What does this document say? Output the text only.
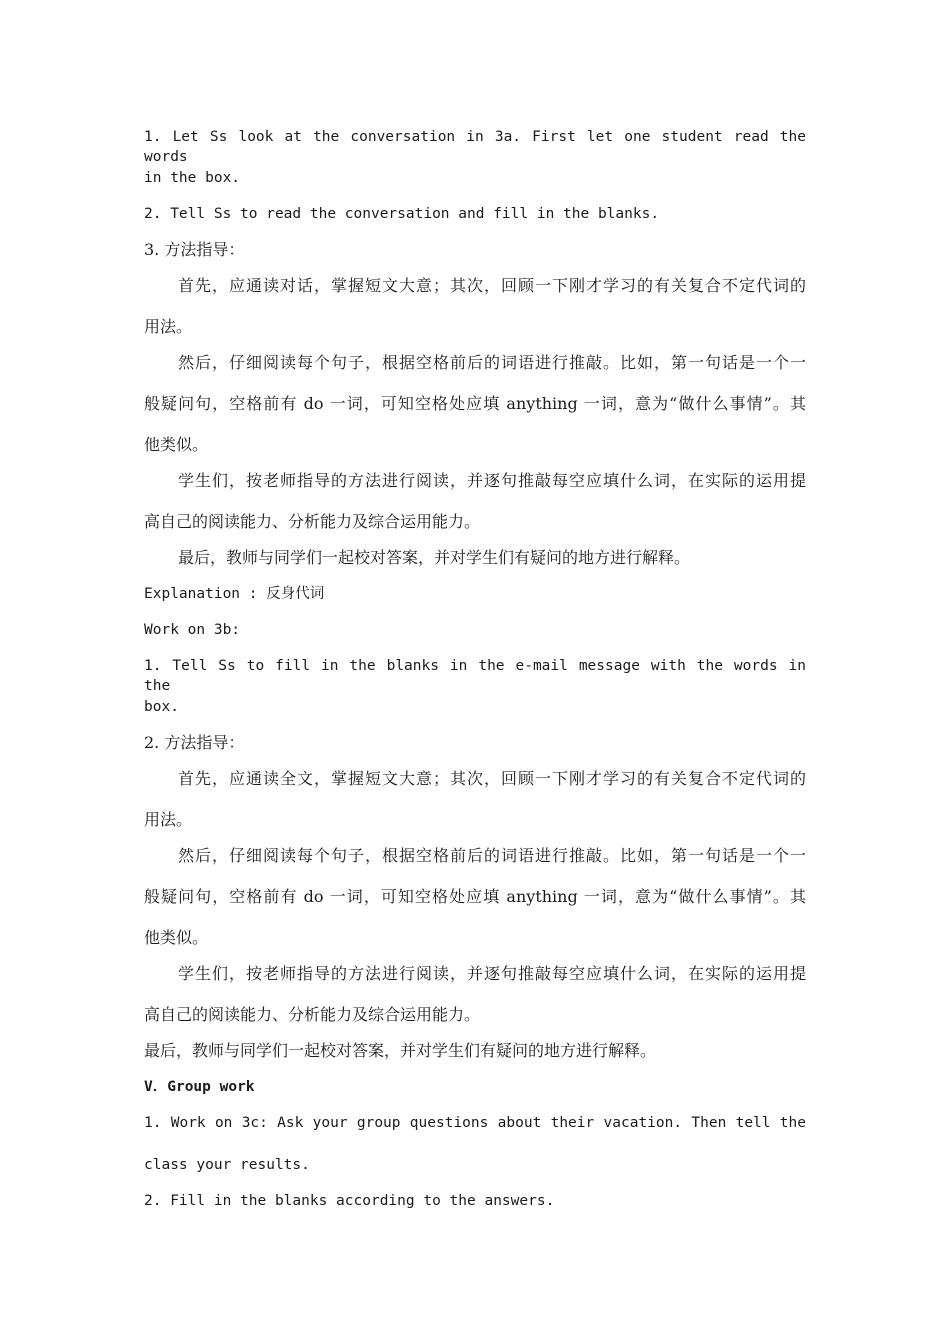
1. Let Ss look at the conversation in 3a. First let one student read the words
in the box.
2. Tell Ss to read the conversation and fill in the blanks.
3. 方法指导：
首先，应通读对话，掌握短文大意；其次，回顾一下刚才学习的有关复合不定代词的
用法。
然后，仔细阅读每个句子，根据空格前后的词语进行推敲。比如，第一句话是一个一
般疑问句，空格前有 do 一词，可知空格处应填 anything 一词，意为“做什么事情”。其
他类似。
学生们，按老师指导的方法进行阅读，并逐句推敲每空应填什么词，在实际的运用提
高自己的阅读能力、分析能力及综合运用能力。
最后，教师与同学们一起校对答案，并对学生们有疑问的地方进行解释。
Explanation : 反身代词
Work on 3b:
1. Tell Ss to fill in the blanks in the e-mail message with the words in the
box.
2. 方法指导：
首先，应通读全文，掌握短文大意；其次，回顾一下刚才学习的有关复合不定代词的
用法。
然后，仔细阅读每个句子，根据空格前后的词语进行推敲。比如，第一句话是一个一
般疑问句，空格前有 do 一词，可知空格处应填 anything 一词，意为“做什么事情”。其
他类似。
学生们，按老师指导的方法进行阅读，并逐句推敲每空应填什么词，在实际的运用提
高自己的阅读能力、分析能力及综合运用能力。
最后，教师与同学们一起校对答案，并对学生们有疑问的地方进行解释。
V．Group work
1. Work on 3c: Ask your group questions about their vacation. Then tell the
class your results.
2. Fill in the blanks according to the answers.
